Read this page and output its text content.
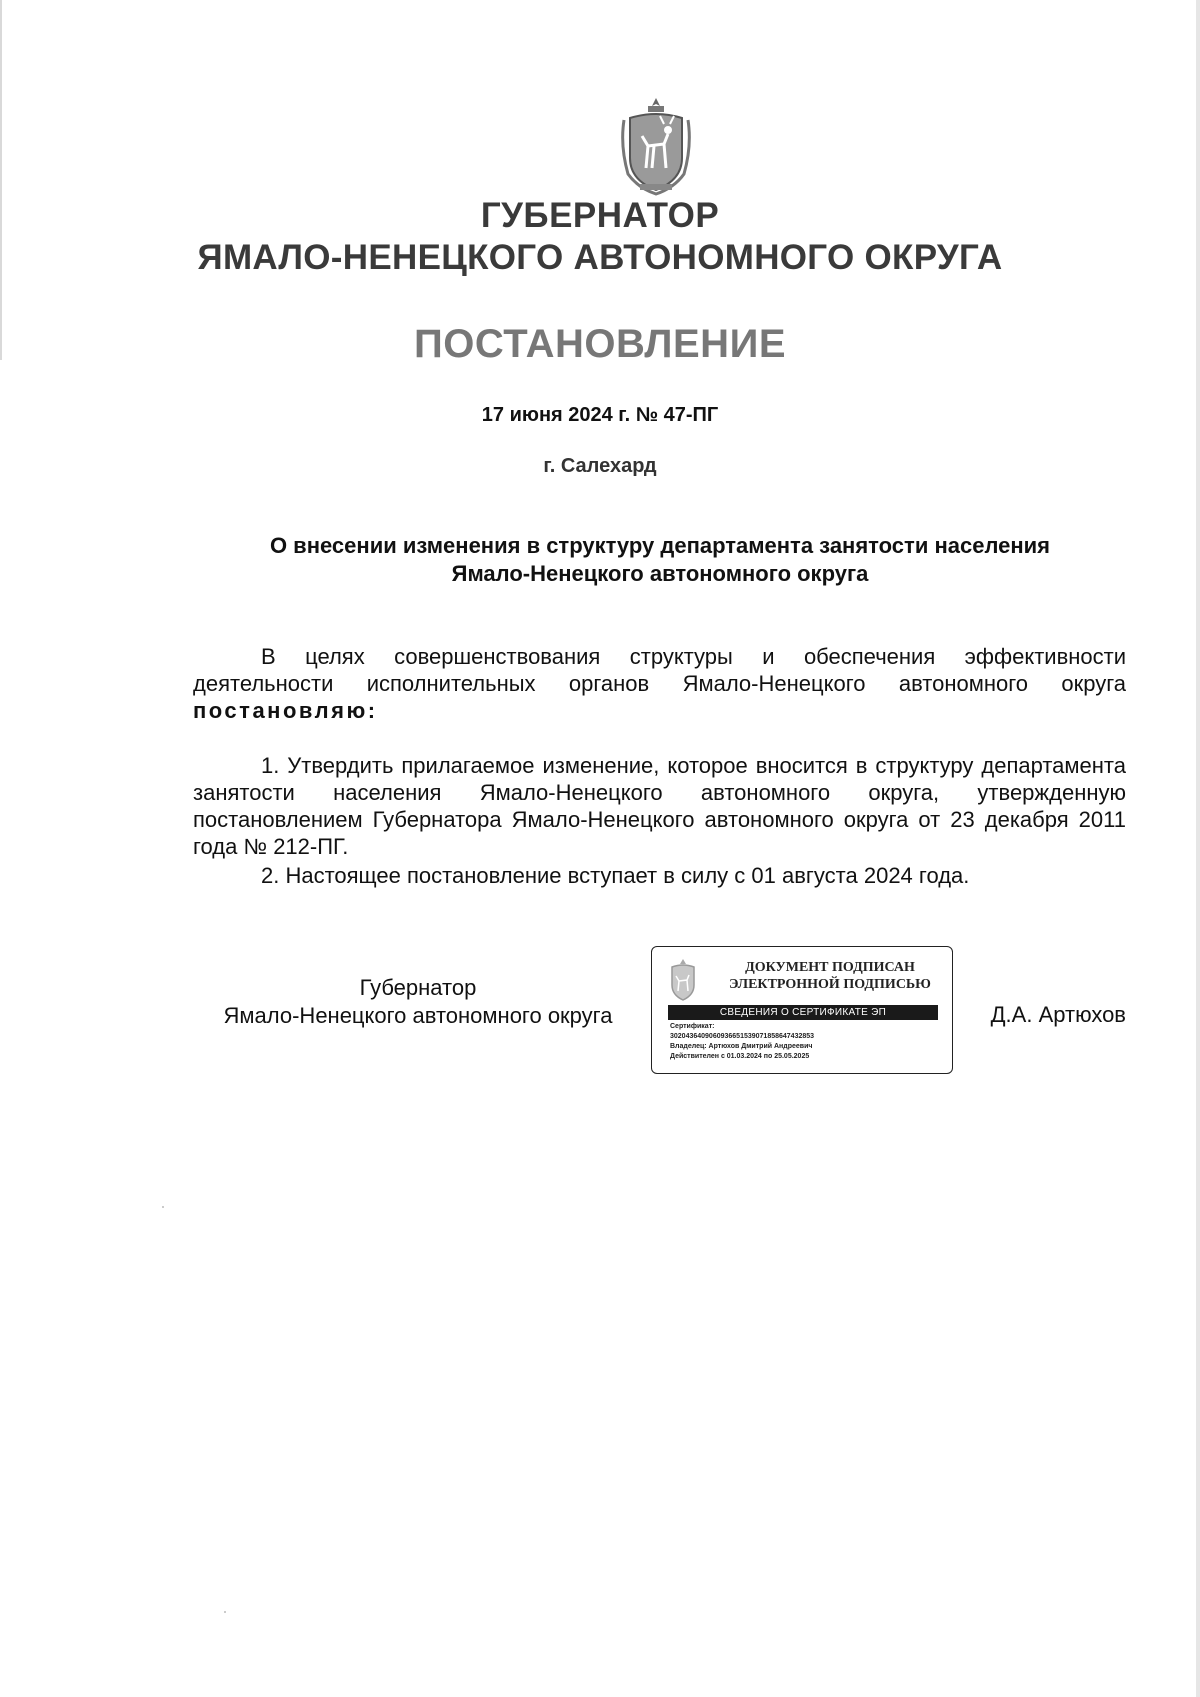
ГУБЕРНАТОР
ЯМАЛО-НЕНЕЦКОГО АВТОНОМНОГО ОКРУГА
ПОСТАНОВЛЕНИЕ
17 июня 2024 г. № 47-ПГ
г. Салехард
О внесении изменения в структуру департамента занятости населения
Ямало-Ненецкого автономного округа
В целях совершенствования структуры и обеспечения эффективности деятельности исполнительных органов Ямало-Ненецкого автономного округа постановляю:
1. Утвердить прилагаемое изменение, которое вносится в структуру департамента занятости населения Ямало-Ненецкого автономного округа, утвержденную постановлением Губернатора Ямало-Ненецкого автономного округа от 23 декабря 2011 года № 212-ПГ.
2. Настоящее постановление вступает в силу с 01 августа 2024 года.
Губернатор
Ямало-Ненецкого автономного округа
ДОКУМЕНТ ПОДПИСАН
ЭЛЕКТРОННОЙ ПОДПИСЬЮ
СВЕДЕНИЯ О СЕРТИФИКАТЕ ЭП
Сертификат:
3020436409060936651539071858647432853
Владелец: Артюхов Дмитрий Андреевич
Действителен с 01.03.2024 по 25.05.2025
Д.А. Артюхов
